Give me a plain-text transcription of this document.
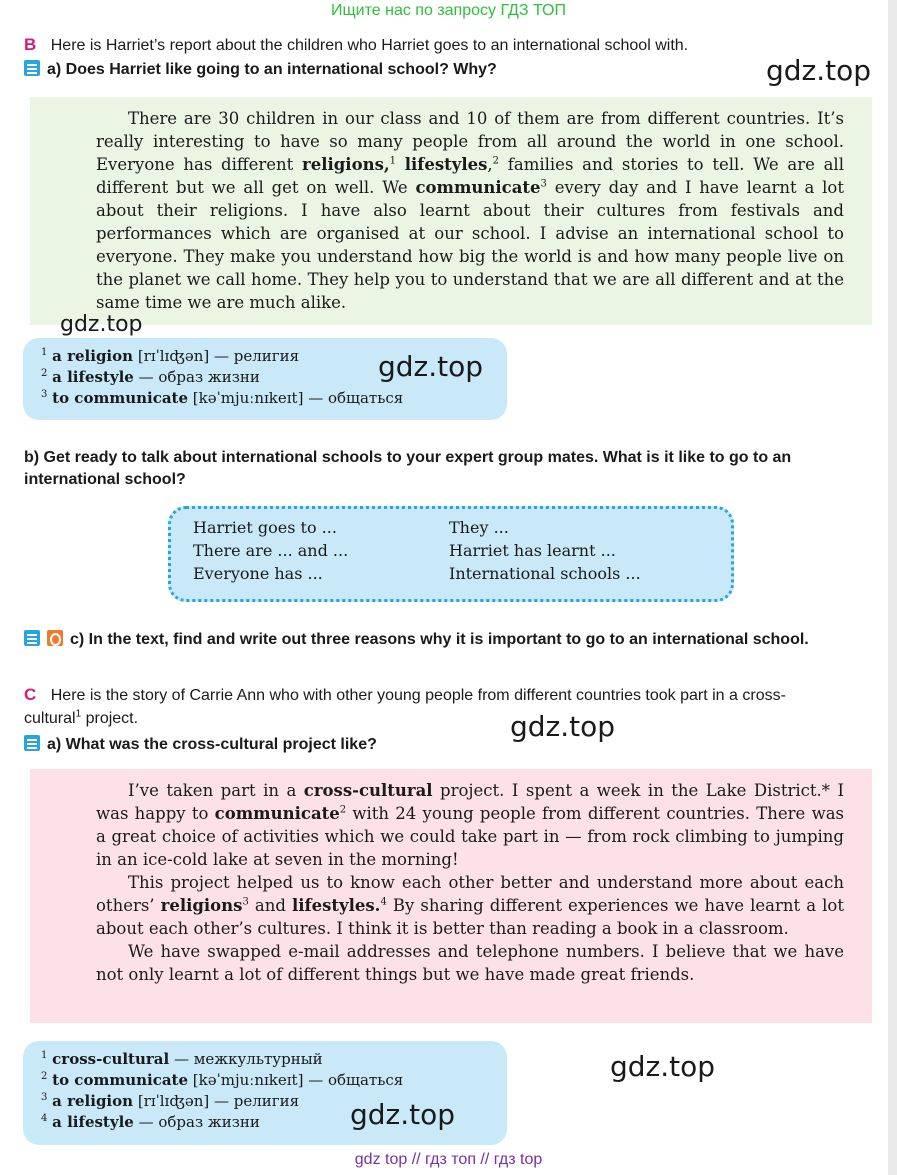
Ищите нас по запросу ГДЗ ТОП
B Here is Harriet’s report about the children who Harriet goes to an international school with.
a) Does Harriet like going to an international school? Why?	gdz.top

There are 30 children in our class and 10 of them are from different countries. It’s really interesting to have so many people from all around the world in one school. Everyone has different religions,$^1$ lifestyles,$^2$ families and stories to tell. We are all different but we all get on well. We communicate$^3$ every day and I have learnt a lot about their religions. I have also learnt about their cultures from festivals and performances which are organised at our school. I advise an international school to everyone. They make you understand how big the world is and how many people live on the planet we call home. They help you to understand that we are all different and at the same time we are much alike.

gdz.top
$^1$ a religion [rɪˈlɪʤən] — религия
$^2$ a lifestyle — образ жизни
$^3$ to communicate [kəˈmjuːnɪkeɪt] — общаться
gdz.top
b) Get ready to talk about international schools to your expert group mates. What is it like to go to an international school?
Harriet goes to ...
There are ... and ...
Everyone has ...
They ...
Harriet has learnt ...
International schools ...
c) In the text, find and write out three reasons why it is important to go to an international school.
C Here is the story of Carrie Ann who with other young people from different countries took part in a cross-cultural$^1$ project.	gdz.top
a) What was the cross-cultural project like?

I’ve taken part in a cross-cultural project. I spent a week in the Lake District.* I was happy to communicate$^2$ with 24 young people from different countries. There was a great choice of activities which we could take part in — from rock climbing to jumping in an ice-cold lake at seven in the morning!

This project helped us to know each other better and understand more about each others’ religions$^3$ and lifestyles.$^4$ By sharing different experiences we have learnt a lot about each other’s cultures. I think it is better than reading a book in a classroom.

We have swapped e-mail addresses and telephone numbers. I believe that we have not only learnt a lot of different things but we have made great friends.

$^1$ cross-cultural — межкультурный
$^2$ to communicate [kəˈmjuːnɪkeɪt] — общаться
$^3$ a religion [rɪˈlɪʤən] — религия
$^4$ a lifestyle — образ жизни
gdz.top
gdz.top
gdz top // гдз топ // гдз top
